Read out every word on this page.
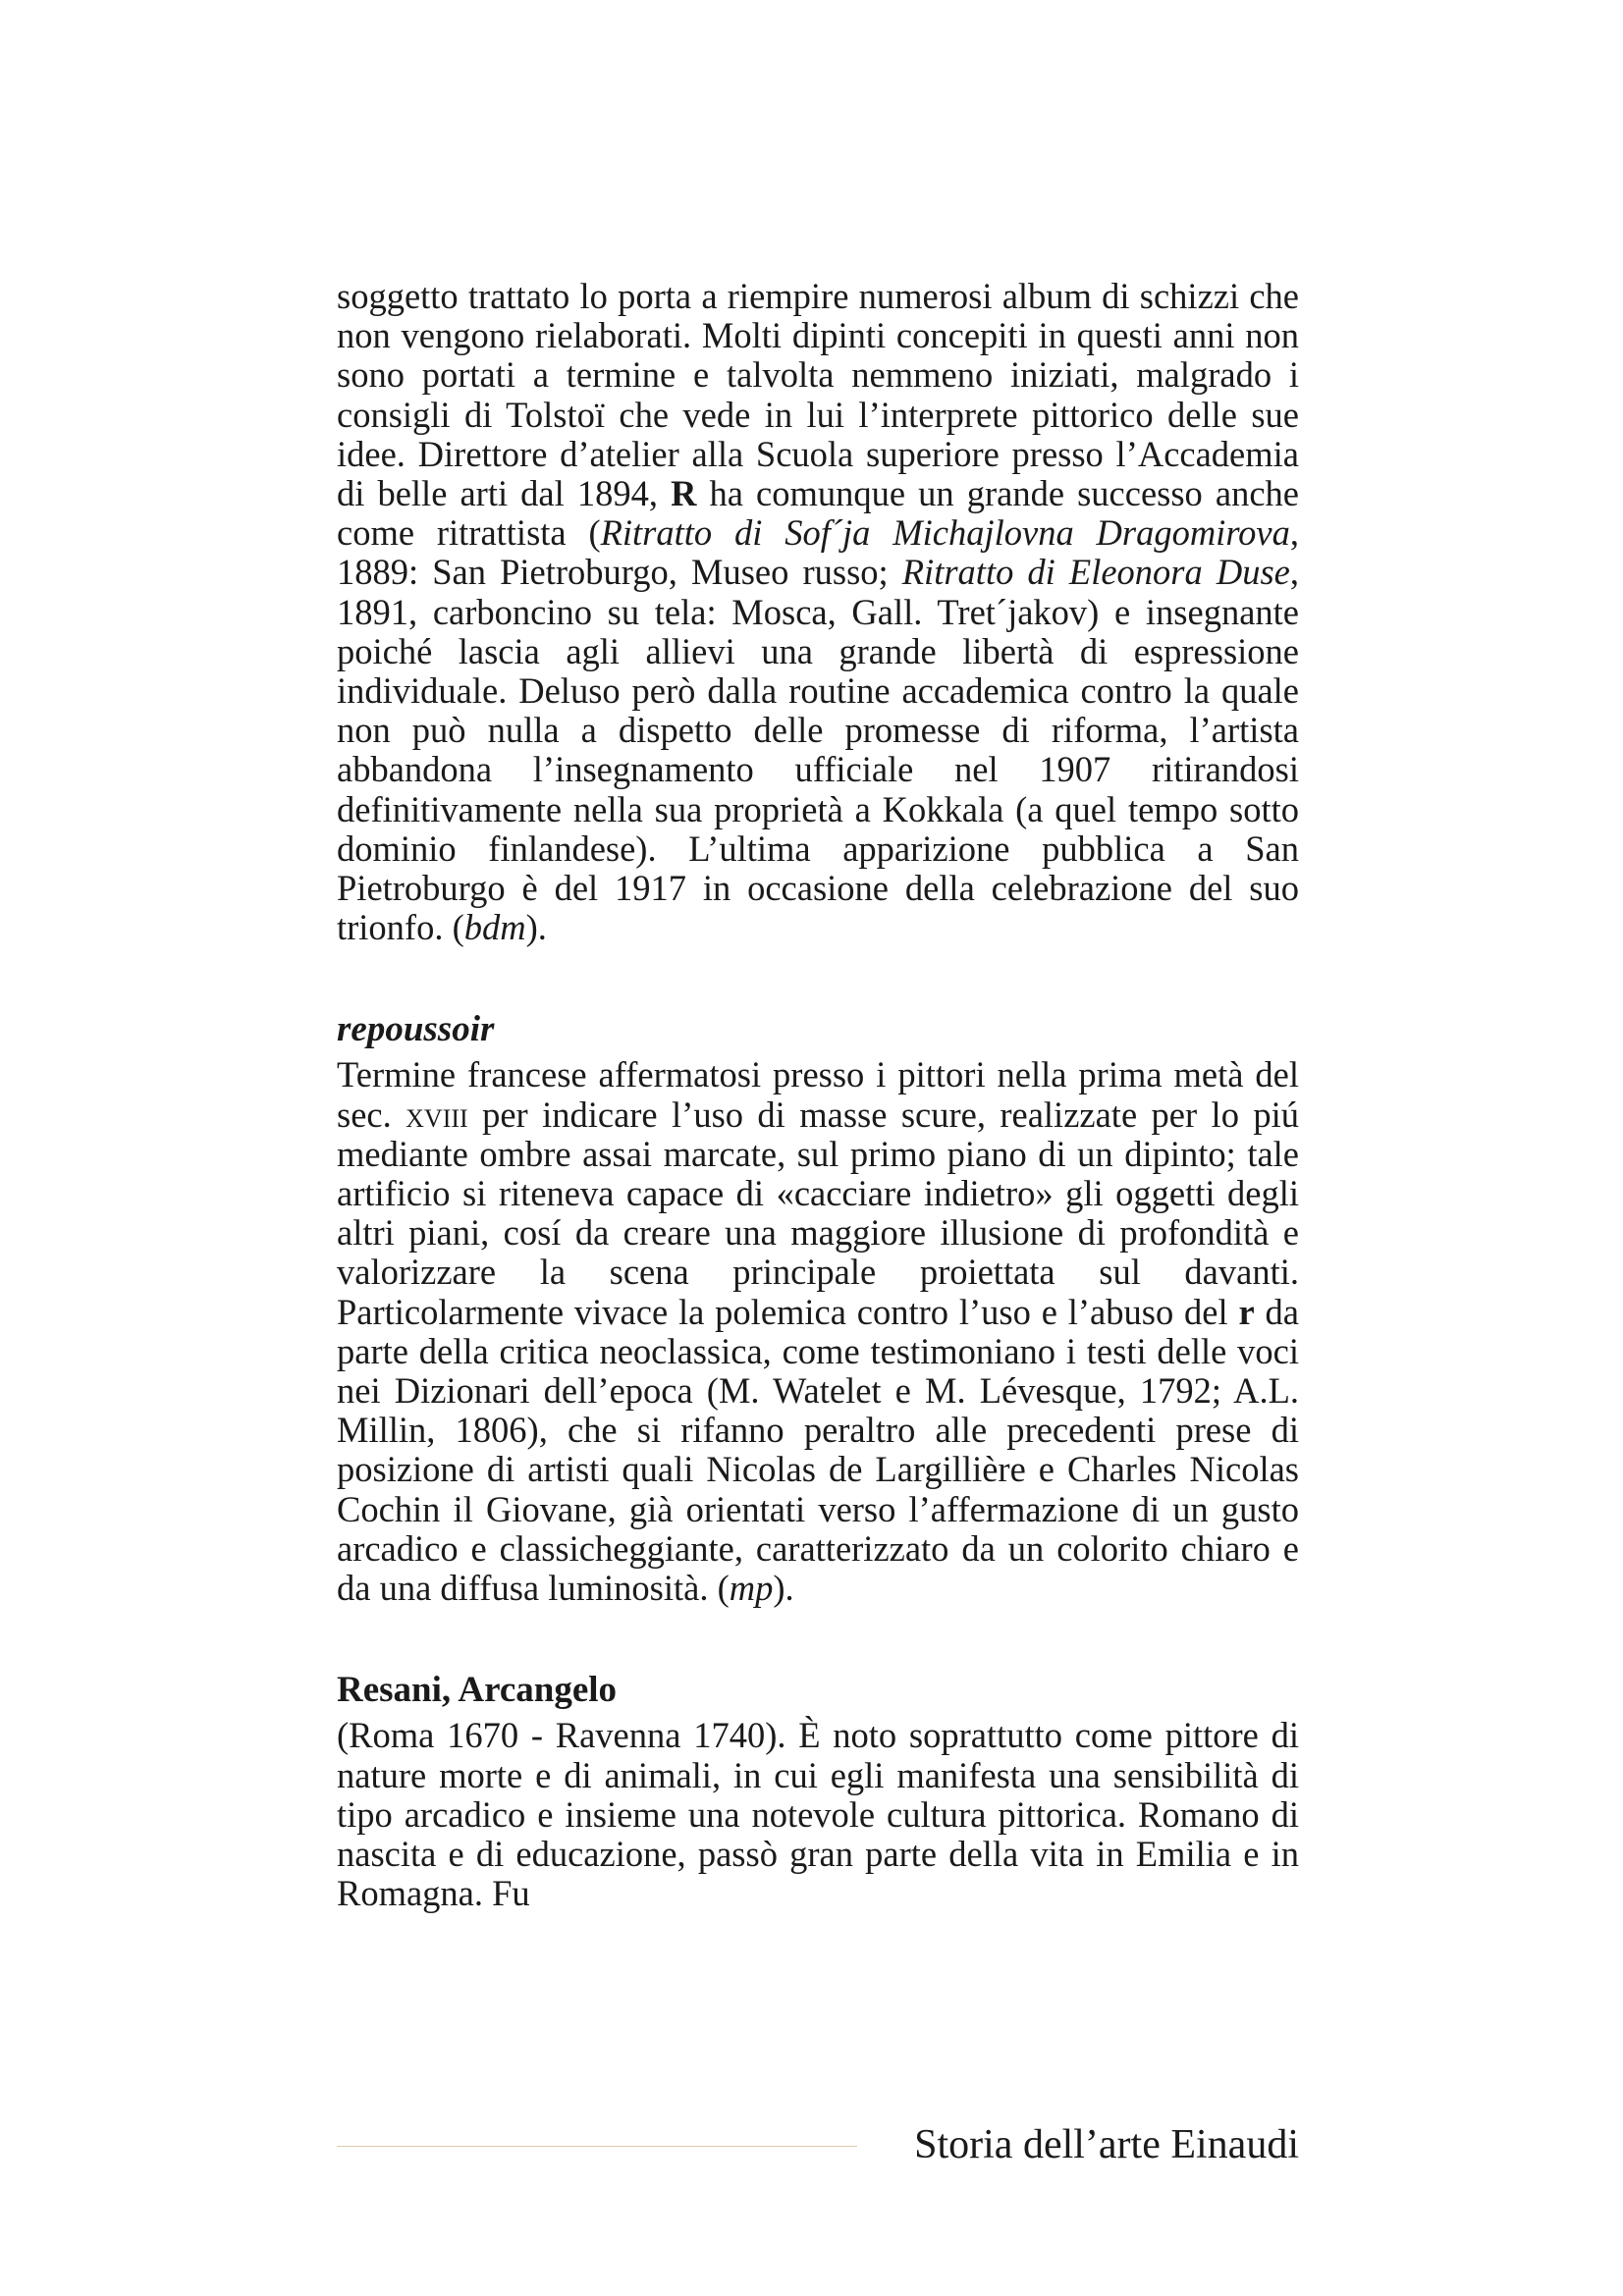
soggetto trattato lo porta a riempire numerosi album di schizzi che non vengono rielaborati. Molti dipinti concepiti in questi anni non sono portati a termine e talvolta nemmeno iniziati, malgrado i consigli di Tolstoï che vede in lui l’interprete pittorico delle sue idee. Direttore d’atelier alla Scuola superiore presso l’Accademia di belle arti dal 1894, R ha comunque un grande successo anche come ritrattista (Ritratto di Sof´ja Michajlovna Dragomirova, 1889: San Pietroburgo, Museo russo; Ritratto di Eleonora Duse, 1891, carboncino su tela: Mosca, Gall. Tret´jakov) e insegnante poiché lascia agli allievi una grande libertà di espressione individuale. Deluso però dalla routine accademica contro la quale non può nulla a dispetto delle promesse di riforma, l’artista abbandona l’insegnamento ufficiale nel 1907 ritirandosi definitivamente nella sua proprietà a Kokkala (a quel tempo sotto dominio finlandese). L’ultima apparizione pubblica a San Pietroburgo è del 1917 in occasione della celebrazione del suo trionfo. (bdm).

repoussoir

Termine francese affermatosi presso i pittori nella prima metà del sec. xviii per indicare l’uso di masse scure, realizzate per lo piú mediante ombre assai marcate, sul primo piano di un dipinto; tale artificio si riteneva capace di «cacciare indietro» gli oggetti degli altri piani, cosí da creare una maggiore illusione di profondità e valorizzare la scena principale proiettata sul davanti. Particolarmente vivace la polemica contro l’uso e l’abuso del r da parte della critica neoclassica, come testimoniano i testi delle voci nei Dizionari dell’epoca (M. Watelet e M. Lévesque, 1792; A.L. Millin, 1806), che si rifanno peraltro alle precedenti prese di posizione di artisti quali Nicolas de Largillière e Charles Nicolas Cochin il Giovane, già orientati verso l’affermazione di un gusto arcadico e classicheggiante, caratterizzato da un colorito chiaro e da una diffusa luminosità. (mp).

Resani, Arcangelo

(Roma 1670 - Ravenna 1740). È noto soprattutto come pittore di nature morte e di animali, in cui egli manifesta una sensibilità di tipo arcadico e insieme una notevole cultura pittorica. Romano di nascita e di educazione, passò gran parte della vita in Emilia e in Romagna. Fu

Storia dell’arte Einaudi
